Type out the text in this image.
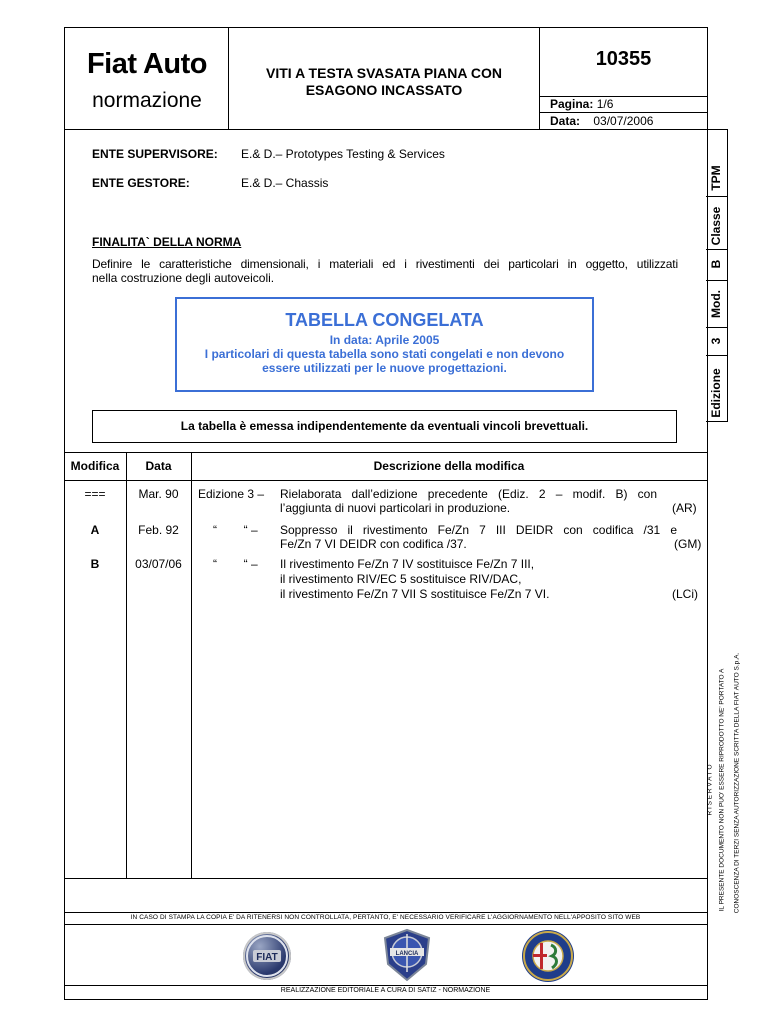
Fiat Auto
normazione
VITI A TESTA SVASATA PIANA CON
ESAGONO INCASSATO
10355
Pagina: 1/6
Data: 03/07/2006
TPM
Classe
B
Mod.
3
Edizione
ENTE SUPERVISORE: E.& D.– Prototypes Testing & Services
ENTE GESTORE:	E.& D.– Chassis
FINALITA` DELLA NORMA
Definire le caratteristiche dimensionali, i materiali ed i rivestimenti dei particolari in oggetto, utilizzati
nella costruzione degli autoveicoli.
TABELLA CONGELATA
In data: Aprile 2005
I particolari di questa tabella sono stati congelati e non devono
essere utilizzati per le nuove progettazioni.
La tabella è emessa indipendentemente da eventuali vincoli brevettuali.
Modifica	Data	Descrizione della modifica
===	Mar. 90	Edizione 3 – Rielaborata dall’edizione precedente (Ediz. 2 – modif. B) con
l’aggiunta di nuovi particolari in produzione.	(AR)
A	Feb. 92	“        “ – Soppresso il rivestimento Fe/Zn 7 III DEIDR con codifica /31 e
Fe/Zn 7 VI DEIDR con codifica /37.	(GM)
B	03/07/06	“        “ – Il rivestimento Fe/Zn 7 IV sostituisce Fe/Zn 7 III,
il rivestimento RIV/EC 5 sostituisce RIV/DAC,
il rivestimento Fe/Zn 7 VII S sostituisce Fe/Zn 7 VI.	(LCi)
IN CASO DI STAMPA LA COPIA E' DA RITENERSI NON CONTROLLATA, PERTANTO, E' NECESSARIO VERIFICARE L'AGGIORNAMENTO NELL'APPOSITO SITO WEB
FIAT	LANCIA
REALIZZAZIONE EDITORIALE A CURA DI SATIZ - NORMAZIONE
R I S E R V A T O IL PRESENTE DOCUMENTO NON PUO' ESSERE RIPRODOTTO NE' PORTATO A CONOSCENZA DI TERZI SENZA AUTORIZZAZIONE SCRITTA DELLA FIAT AUTO S.p.A.
